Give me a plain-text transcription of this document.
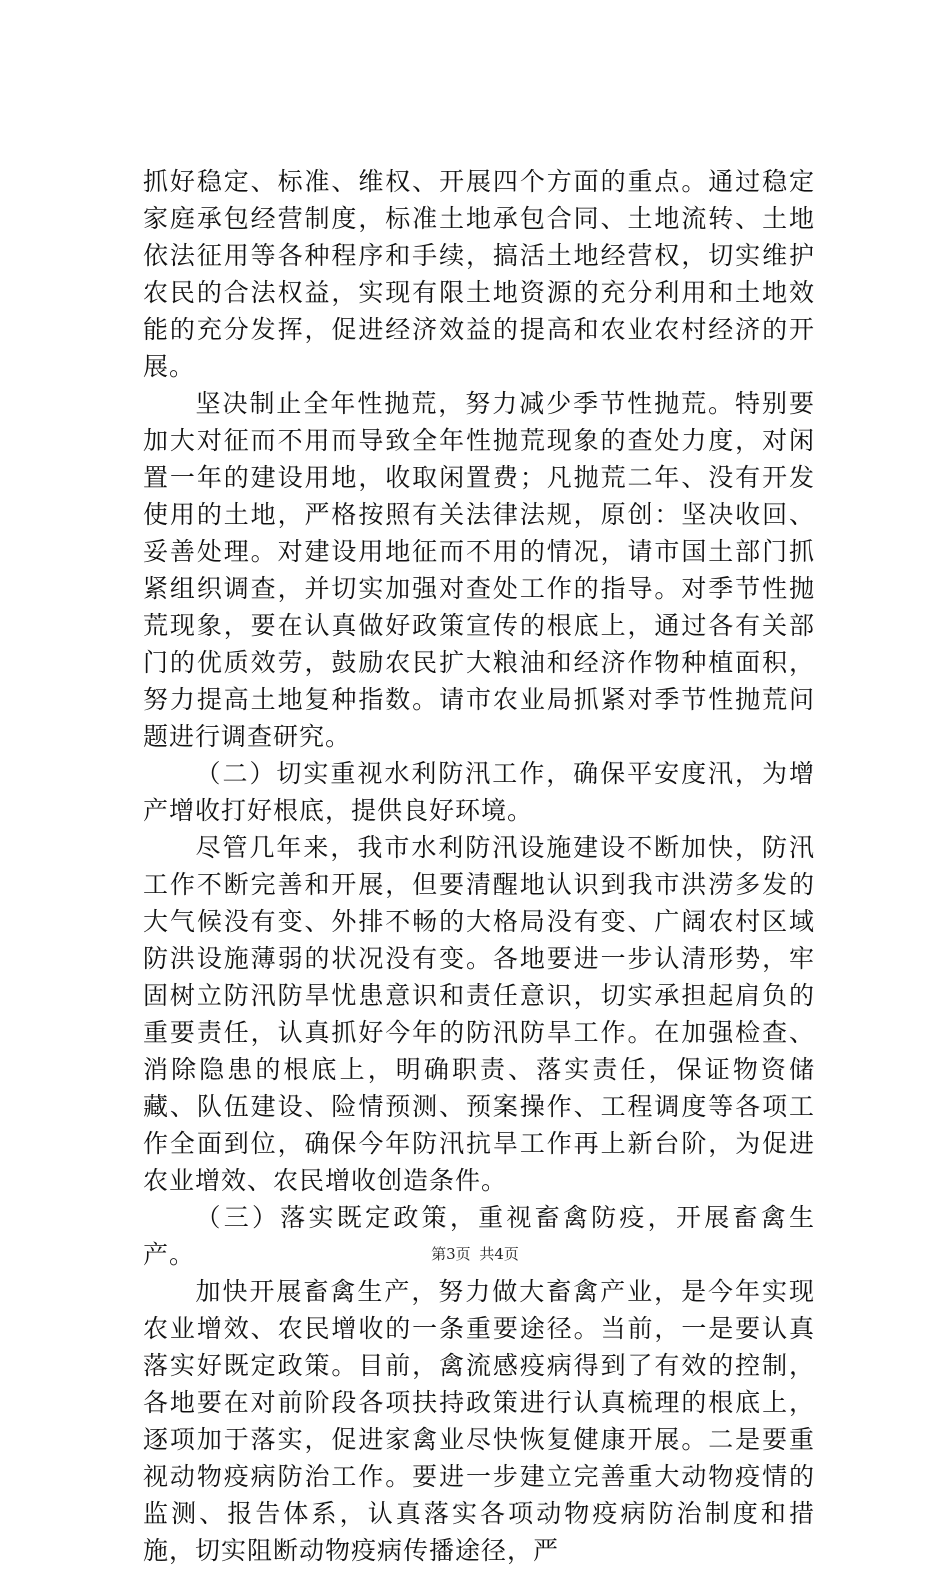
抓好稳定、标准、维权、开展四个方面的重点。通过稳定家庭承包经营制度，标准土地承包合同、土地流转、土地依法征用等各种程序和手续，搞活土地经营权，切实维护农民的合法权益，实现有限土地资源的充分利用和土地效能的充分发挥，促进经济效益的提高和农业农村经济的开展。

坚决制止全年性抛荒，努力减少季节性抛荒。特别要加大对征而不用而导致全年性抛荒现象的查处力度，对闲置一年的建设用地，收取闲置费；凡抛荒二年、没有开发使用的土地，严格按照有关法律法规，原创：坚决收回、妥善处理。对建设用地征而不用的情况，请市国土部门抓紧组织调查，并切实加强对查处工作的指导。对季节性抛荒现象，要在认真做好政策宣传的根底上，通过各有关部门的优质效劳，鼓励农民扩大粮油和经济作物种植面积，努力提高土地复种指数。请市农业局抓紧对季节性抛荒问题进行调查研究。

（二）切实重视水利防汛工作，确保平安度汛，为增产增收打好根底，提供良好环境。

尽管几年来，我市水利防汛设施建设不断加快，防汛工作不断完善和开展，但要清醒地认识到我市洪涝多发的大气候没有变、外排不畅的大格局没有变、广阔农村区域防洪设施薄弱的状况没有变。各地要进一步认清形势，牢固树立防汛防旱忧患意识和责任意识，切实承担起肩负的重要责任，认真抓好今年的防汛防旱工作。在加强检查、消除隐患的根底上，明确职责、落实责任，保证物资储藏、队伍建设、险情预测、预案操作、工程调度等各项工作全面到位，确保今年防汛抗旱工作再上新台阶，为促进农业增效、农民增收创造条件。

（三）落实既定政策，重视畜禽防疫，开展畜禽生产。

加快开展畜禽生产，努力做大畜禽产业，是今年实现农业增效、农民增收的一条重要途径。当前，一是要认真落实好既定政策。目前，禽流感疫病得到了有效的控制，各地要在对前阶段各项扶持政策进行认真梳理的根底上，逐项加于落实，促进家禽业尽快恢复健康开展。二是要重视动物疫病防治工作。要进一步建立完善重大动物疫情的监测、报告体系，认真落实各项动物疫病防治制度和措施，切实阻断动物疫病传播途径，严

第3页 共4页
